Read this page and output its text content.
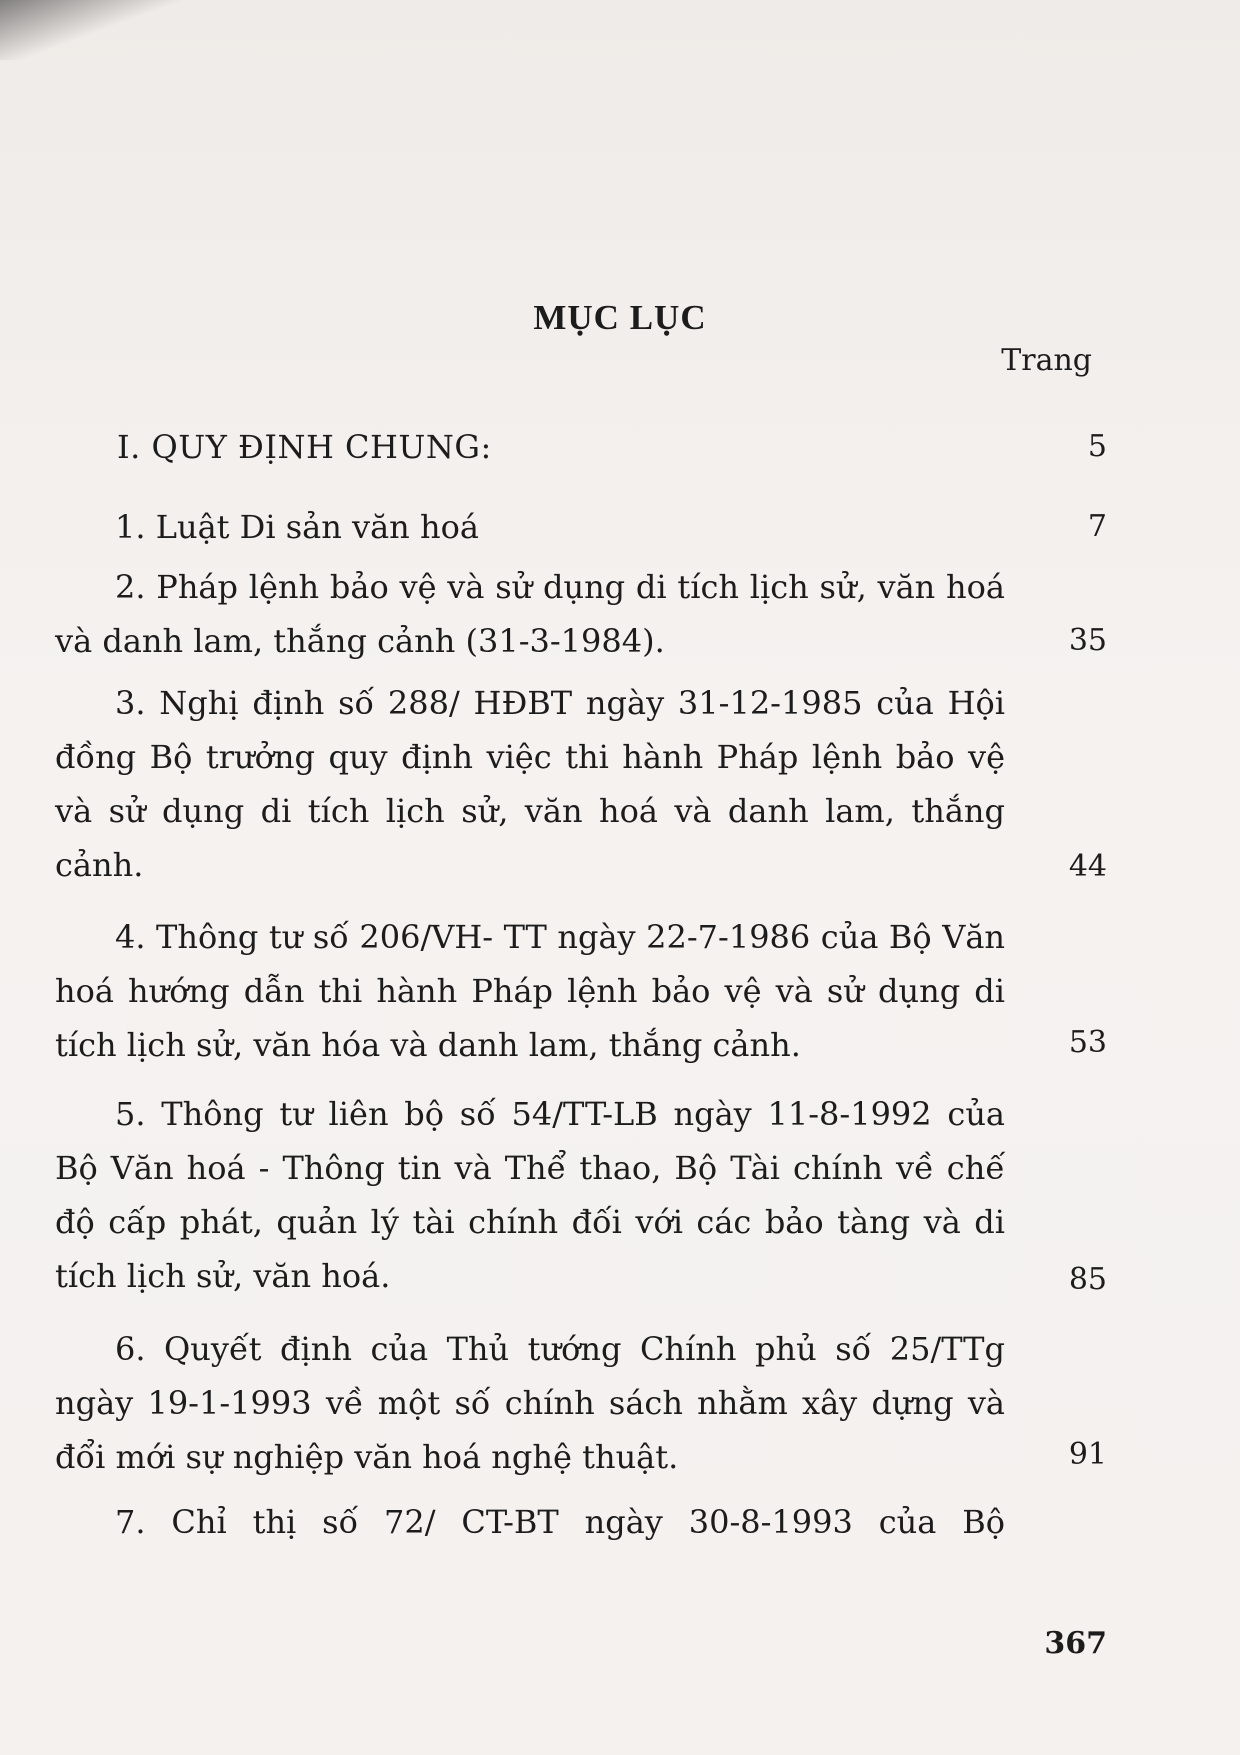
MỤC LỤC
Trang
I. QUY ĐỊNH CHUNG:	5
1. Luật Di sản văn hoá	7
2. Pháp lệnh bảo vệ và sử dụng di tích lịch sử, văn hoá và danh lam, thắng cảnh (31-3-1984).	35
3. Nghị định số 288/ HĐBT ngày 31-12-1985 của Hội đồng Bộ trưởng quy định việc thi hành Pháp lệnh bảo vệ và sử dụng di tích lịch sử, văn hoá và danh lam, thắng cảnh.	44
4. Thông tư số 206/VH- TT ngày 22-7-1986 của Bộ Văn hoá hướng dẫn thi hành Pháp lệnh bảo vệ và sử dụng di tích lịch sử, văn hóa và danh lam, thắng cảnh.	53
5. Thông tư liên bộ số 54/TT-LB ngày 11-8-1992 của Bộ Văn hoá - Thông tin và Thể thao, Bộ Tài chính về chế độ cấp phát, quản lý tài chính đối với các bảo tàng và di tích lịch sử, văn hoá.	85
6. Quyết định của Thủ tướng Chính phủ số 25/TTg ngày 19-1-1993 về một số chính sách nhằm xây dựng và đổi mới sự nghiệp văn hoá nghệ thuật.	91
7. Chỉ thị số 72/ CT-BT ngày 30-8-1993 của Bộ
367
